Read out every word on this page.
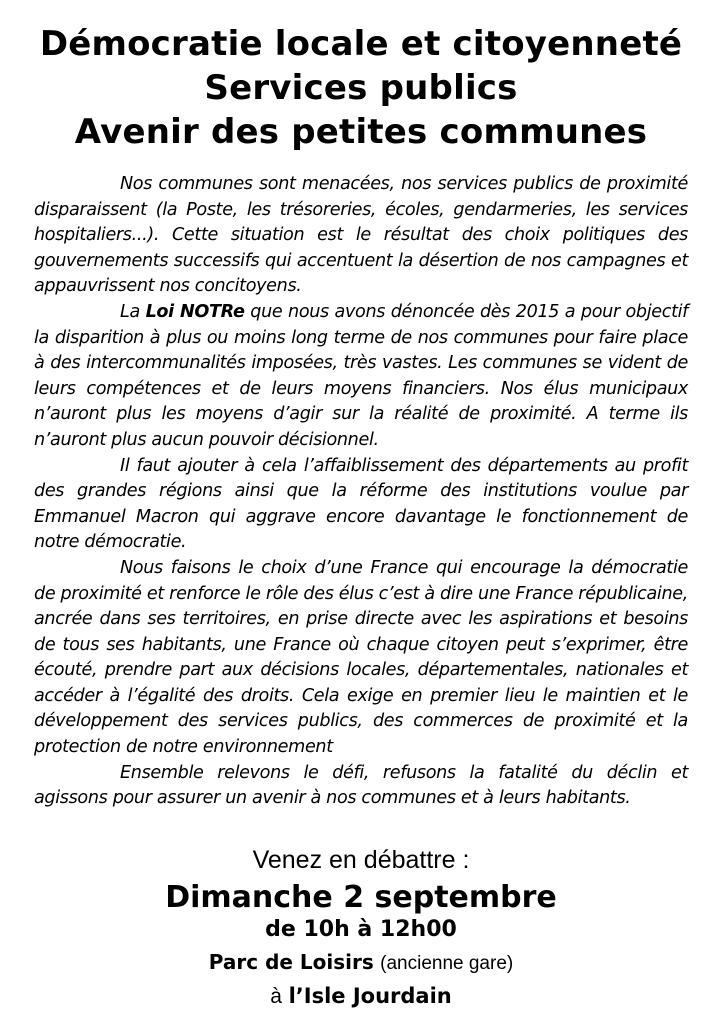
Démocratie locale et citoyenneté
Services publics
Avenir des petites communes

Nos communes sont menacées, nos services publics de proximité disparaissent (la Poste, les trésoreries, écoles, gendarmeries, les services hospitaliers...). Cette situation est le résultat des choix politiques des gouvernements successifs qui accentuent la désertion de nos campagnes et appauvrissent nos concitoyens.

La Loi NOTRe que nous avons dénoncée dès 2015 a pour objectif la disparition à plus ou moins long terme de nos communes pour faire place à des intercommunalités imposées, très vastes. Les communes se vident de leurs compétences et de leurs moyens financiers. Nos élus municipaux n’auront plus les moyens d’agir sur la réalité de proximité. A terme ils n’auront plus aucun pouvoir décisionnel.

Il faut ajouter à cela l’affaiblissement des départements au profit des grandes régions ainsi que la réforme des institutions voulue par Emmanuel Macron qui aggrave encore davantage le fonctionnement de notre démocratie.

Nous faisons le choix d’une France qui encourage la démocratie de proximité et renforce le rôle des élus c’est à dire une France républicaine, ancrée dans ses territoires, en prise directe avec les aspirations et besoins de tous ses habitants, une France où chaque citoyen peut s’exprimer, être écouté, prendre part aux décisions locales, départementales, nationales et accéder à l’égalité des droits. Cela exige en premier lieu le maintien et le développement des services publics, des commerces de proximité et la protection de notre environnement

Ensemble relevons le défi, refusons la fatalité du déclin et agissons pour assurer un avenir à nos communes et à leurs habitants.

Venez en débattre :

Dimanche 2 septembre

de 10h à 12h00

Parc de Loisirs (ancienne gare)

à l’Isle Jourdain
